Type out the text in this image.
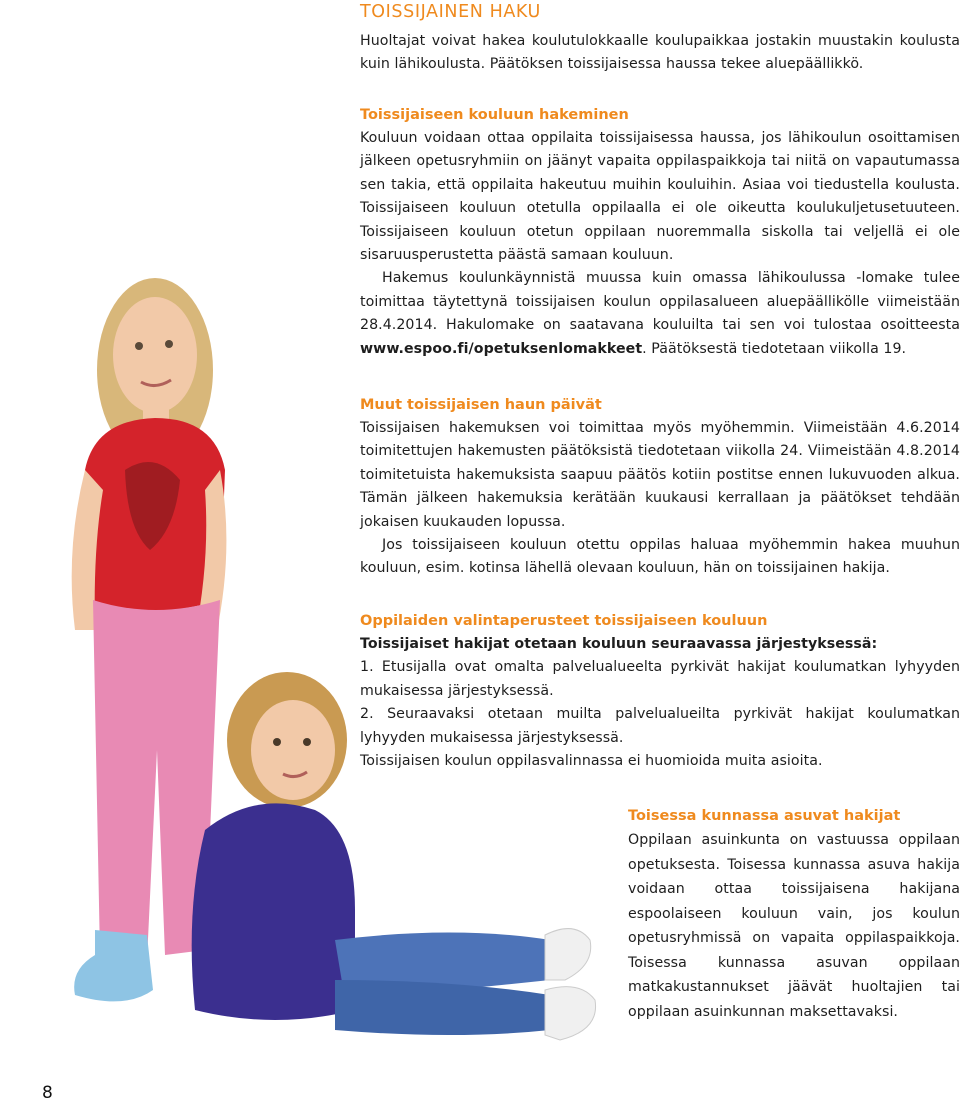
TOISSIJAINEN HAKU

Huoltajat voivat hakea koulutulokkaalle koulupaikkaa jostakin muustakin koulusta kuin lähikoulusta. Päätöksen toissijaisessa haussa tekee aluepäällikkö.

Toissijaiseen kouluun hakeminen

Kouluun voidaan ottaa oppilaita toissijaisessa haussa, jos lähikoulun osoittamisen jälkeen opetusryhmiin on jäänyt vapaita oppilaspaikkoja tai niitä on vapautumassa sen takia, että oppilaita hakeutuu muihin kouluihin. Asiaa voi tiedustella koulusta. Toissijaiseen kouluun otetulla oppilaalla ei ole oikeutta koulukuljetusetuuteen. Toissijaiseen kouluun otetun oppilaan nuoremmalla siskolla tai veljellä ei ole sisaruusperustetta päästä samaan kouluun.

Hakemus koulunkäynnistä muussa kuin omassa lähikoulussa -lomake tulee toimittaa täytettynä toissijaisen koulun oppilasalueen aluepäällikölle viimeistään 28.4.2014. Hakulomake on saatavana kouluilta tai sen voi tulostaa osoitteesta www.espoo.fi/opetuksenlomakkeet. Päätöksestä tiedotetaan viikolla 19.

Muut toissijaisen haun päivät

Toissijaisen hakemuksen voi toimittaa myös myöhemmin. Viimeistään 4.6.2014 toimitettujen hakemusten päätöksistä tiedotetaan viikolla 24. Viimeistään 4.8.2014 toimitetuista hakemuksista saapuu päätös kotiin postitse ennen lukuvuoden alkua. Tämän jälkeen hakemuksia kerätään kuukausi kerrallaan ja päätökset tehdään jokaisen kuukauden lopussa.

Jos toissijaiseen kouluun otettu oppilas haluaa myöhemmin hakea muuhun kouluun, esim. kotinsa lähellä olevaan kouluun, hän on toissijainen hakija.

Oppilaiden valintaperusteet toissijaiseen kouluun

Toissijaiset hakijat otetaan kouluun seuraavassa järjestyksessä:

1. Etusijalla ovat omalta palvelualueelta pyrkivät hakijat koulumatkan lyhyyden mukaisessa järjestyksessä.

2. Seuraavaksi otetaan muilta palvelualueilta pyrkivät hakijat koulumatkan lyhyyden mukaisessa järjestyksessä.

Toissijaisen koulun oppilasvalinnassa ei huomioida muita asioita.

Toisessa kunnassa asuvat hakijat

Oppilaan asuinkunta on vastuussa oppilaan opetuksesta. Toisessa kunnassa asuva hakija voidaan ottaa toissijaisena hakijana espoolaiseen kouluun vain, jos koulun opetusryhmissä on vapaita oppilaspaikkoja. Toisessa kunnassa asuvan oppilaan matkakustannukset jäävät huoltajien tai oppilaan asuinkunnan maksettavaksi.

8
